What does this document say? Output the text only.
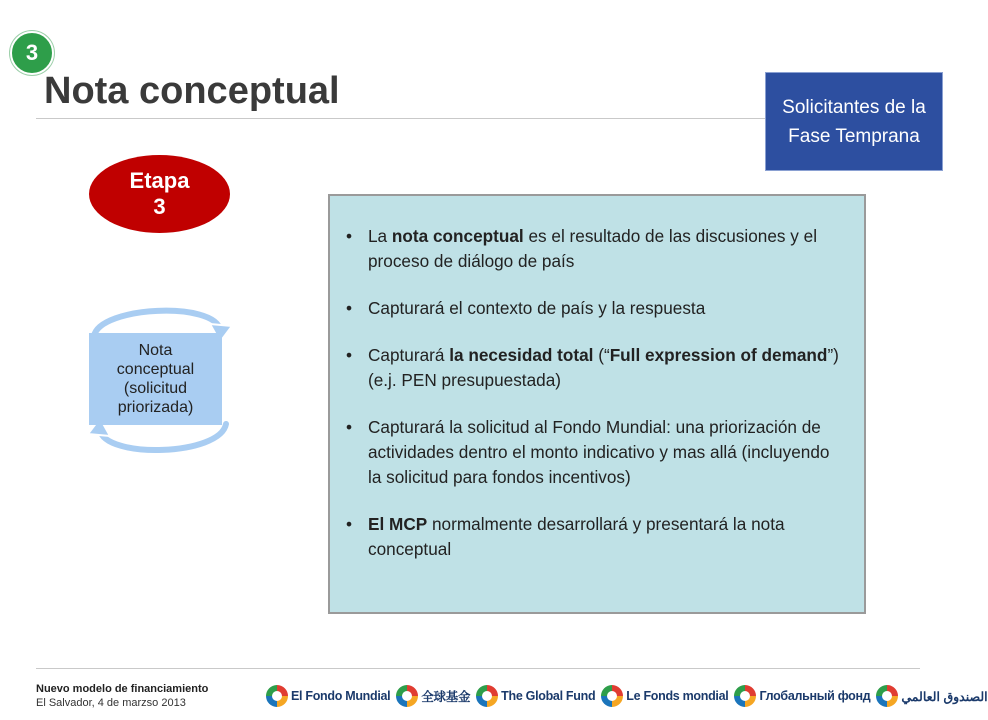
3
Nota conceptual	Solicitantes de la Fase Temprana
Etapa
3
Nota conceptual (solicitud priorizada)
• La nota conceptual es el resultado de las discusiones y el proceso de diálogo de país
• Capturará el contexto de país y la respuesta
• Capturará la necesidad total (“Full expression of demand”) (e.j. PEN presupuestada)
• Capturará la solicitud al Fondo Mundial: una priorización de actividades dentro el monto indicativo y mas allá (incluyendo la solicitud para fondos incentivos)
• El MCP normalmente desarrollará y presentará la nota conceptual
Nuevo modelo de financiamiento
El Salvador, 4 de marzso 2013	El Fondo Mundial 全球基金 The Global Fund Le Fonds mondial Глобальный фонд الصندوق العالمي
